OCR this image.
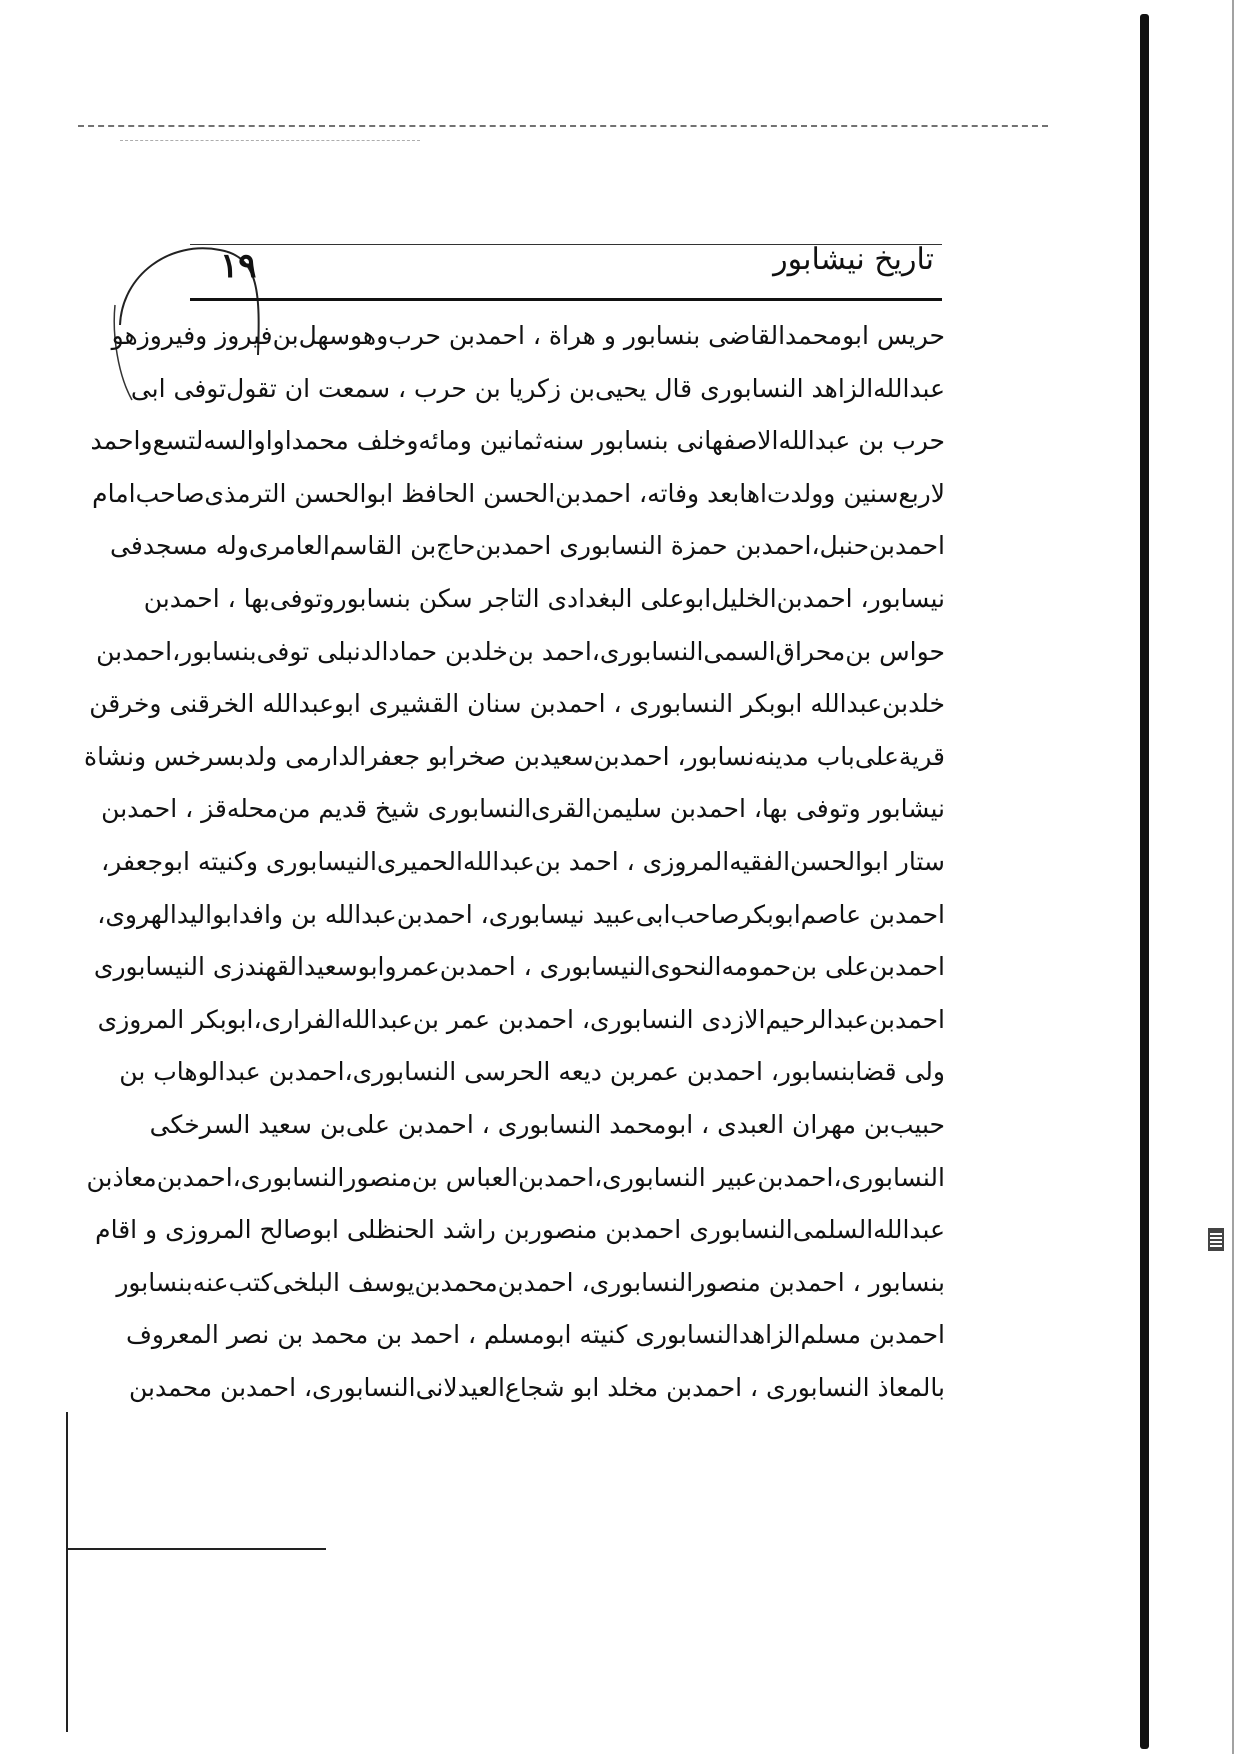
١٩	تاریخ نیشابور
حریس ابومحمدالقاضی بنسابور و هراة ، احمدبن حرب‌وهوسهل‌بن‌فیروز وفیروزهو
عبدالله‌الزاهد النسابوری قال یحیی‌بن زکریا بن حرب ، سمعت ان تقول‌توفی ابی
حرب بن عبدالله‌الاصفهانی بنسابور سنه‌ثمانین ومائه‌وخلف محمداواوالسه‌لتسع‌واحمد
لاربع‌سنین وولدت‌اهابعد وفاته، احمدبن‌الحسن الحافظ ابوالحسن الترمذی‌صاحب‌امام
احمدبن‌حنبل،احمدبن حمزة النسابوری احمدبن‌حاج‌بن القاسم‌العامری‌وله مسجدفی
نیسابور، احمدبن‌الخلیل‌ابوعلی البغدادی التاجر سکن بنسابورو‌توفی‌بها ، احمدبن
حواس بن‌محراق‌السمی‌النسابوری،احمد بن‌خلدبن حمادالدنبلی توفی‌بنسابور،احمدبن
خلدبن‌عبدالله ابوبکر النسابوری ، احمدبن سنان القشیری ابوعبدالله الخرقنی وخرقن
قریةعلی‌باب مدینه‌نسابور، احمدبن‌سعیدبن صخرابو جعفرالدارمی ولدبسرخس ونشاة
نیشابور وتوفی بها، احمدبن سلیمن‌القری‌النسابوری شیخ قدیم من‌محله‌قز ، احمدبن
ستار ابوالحسن‌الفقیه‌المروزی ، احمد بن‌عبدالله‌الحمیری‌النیسابوری وکنیته ابوجعفر،
احمدبن عاصم‌ابوبکرصاحب‌ابی‌عبید نیسابوری، احمدبن‌عبدالله بن وافدابوالیدالهروی،
احمدبن‌علی بن‌حمومه‌النحوی‌النیسابوری ، احمدبن‌عمروابوسعیدالقهندزی النیسابوری
احمدبن‌عبدالرحیم‌الازدی النسابوری، احمدبن عمر بن‌عبدالله‌الفراری،ابوبکر المروزی
ولی قضابنسابور، احمدبن عمربن دیعه الحرسی النسابوری،احمدبن عبدالوهاب بن
حبیب‌بن مهران العبدی ، ابومحمد النسابوری ، احمدبن علی‌بن سعید السرخکی
النسابوری،احمدبن‌عبیر النسابوری،احمدبن‌العباس بن‌منصور‌النسابوری،احمدبن‌معاذبن
عبدالله‌السلمی‌النسابوری احمدبن منصوربن راشد الحنظلی ابوصالح المروزی و اقام
بنسابور ، احمدبن منصورالنسابوری، احمدبن‌محمدبن‌یوسف البلخی‌کتب‌عنه‌بنسابور
احمدبن مسلم‌الزاهدالنسابوری کنیته ابومسلم ، احمد بن محمد بن نصر المعروف
بالمعاذ النسابوری ، احمدبن مخلد ابو شجاع‌العیدلانی‌النسابوری، احمدبن محمدبن
